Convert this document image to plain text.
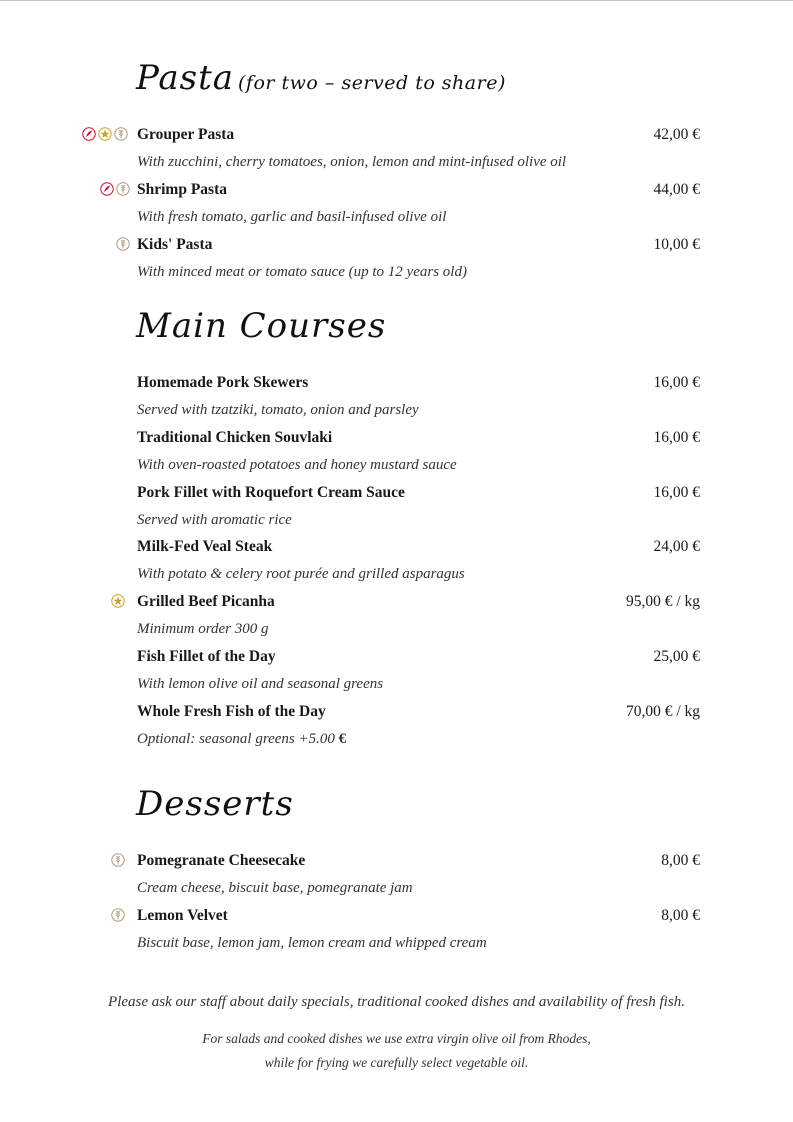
Pasta (for two – served to share)
Grouper Pasta	42,00 €
With zucchini, cherry tomatoes, onion, lemon and mint-infused olive oil
Shrimp Pasta	44,00 €
With fresh tomato, garlic and basil-infused olive oil
Kids' Pasta	10,00 €
With minced meat or tomato sauce (up to 12 years old)
Main Courses
Homemade Pork Skewers	16,00 €
Served with tzatziki, tomato, onion and parsley
Traditional Chicken Souvlaki	16,00 €
With oven-roasted potatoes and honey mustard sauce
Pork Fillet with Roquefort Cream Sauce	16,00 €
Served with aromatic rice
Milk-Fed Veal Steak	24,00 €
With potato & celery root purée and grilled asparagus
Grilled Beef Picanha	95,00 € / kg
Minimum order 300 g
Fish Fillet of the Day	25,00 €
With lemon olive oil and seasonal greens
Whole Fresh Fish of the Day	70,00 € / kg
Optional: seasonal greens +5.00 €
Desserts
Pomegranate Cheesecake	8,00 €
Cream cheese, biscuit base, pomegranate jam
Lemon Velvet	8,00 €
Biscuit base, lemon jam, lemon cream and whipped cream
Please ask our staff about daily specials, traditional cooked dishes and availability of fresh fish.
For salads and cooked dishes we use extra virgin olive oil from Rhodes,
while for frying we carefully select vegetable oil.
